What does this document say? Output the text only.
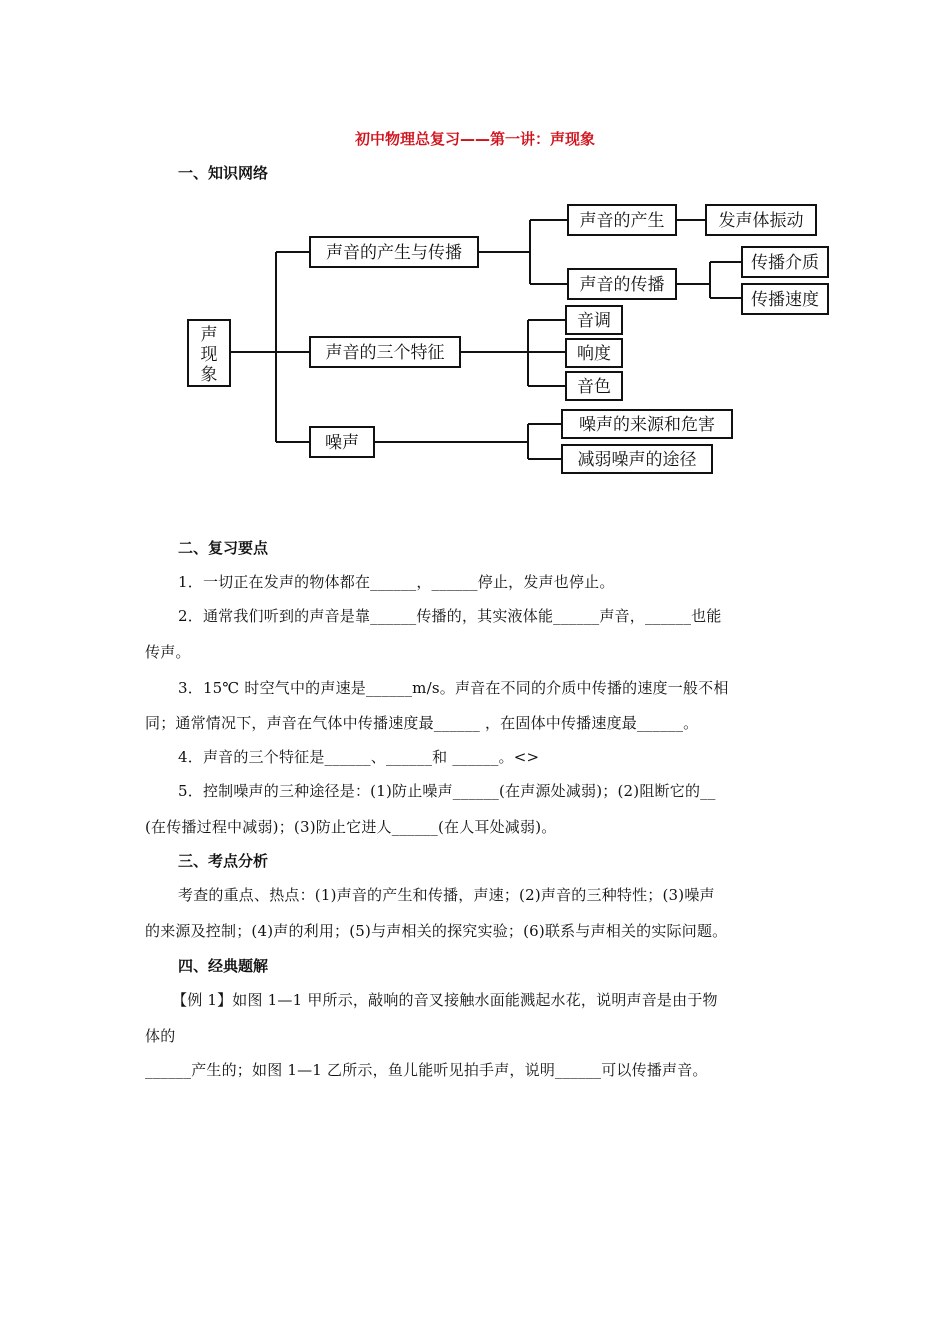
初中物理总复习——第一讲：声现象
一、知识网络
声
现
象
声音的产生与传播
声音的三个特征
噪声
声音的产生
声音的传播
音调
响度
音色
噪声的来源和危害
减弱噪声的途径
发声体振动
传播介质
传播速度
二、复习要点
1．一切正在发声的物体都在______，______停止，发声也停止。
2．通常我们听到的声音是靠______传播的，其实液体能______声音，______也能
传声。
3．15℃ 时空气中的声速是______m/s。声音在不同的介质中传播的速度一般不相
同；通常情况下，声音在气体中传播速度最______ ，在固体中传播速度最______。
4．声音的三个特征是______、______和 ______。<>
5．控制噪声的三种途径是：(1)防止噪声______(在声源处减弱)；(2)阻断它的__
(在传播过程中减弱)；(3)防止它进人______(在人耳处减弱)。
三、考点分析
考查的重点、热点：(1)声音的产生和传播，声速；(2)声音的三种特性；(3)噪声
的来源及控制；(4)声的利用；(5)与声相关的探究实验；(6)联系与声相关的实际问题。
四、经典题解
【例 1】如图 1—1 甲所示，敲响的音叉接触水面能溅起水花，说明声音是由于物
体的
______产生的；如图 1—1 乙所示，鱼儿能听见拍手声，说明______可以传播声音。
